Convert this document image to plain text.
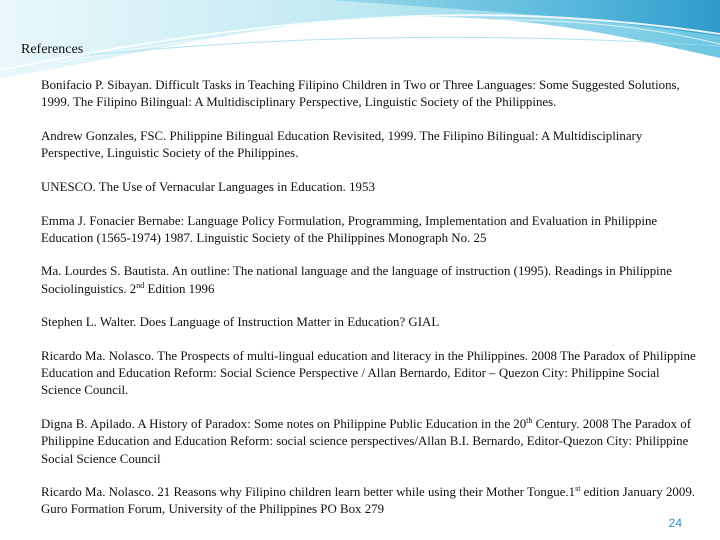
References

Bonifacio P. Sibayan. Difficult Tasks in Teaching Filipino Children in Two or Three Languages: Some Suggested Solutions, 1999. The Filipino Bilingual: A Multidisciplinary Perspective, Linguistic Society of the Philippines.

Andrew Gonzales, FSC. Philippine Bilingual Education Revisited, 1999. The Filipino Bilingual: A Multidisciplinary Perspective, Linguistic Society of the Philippines.

UNESCO. The Use of Vernacular Languages in Education. 1953

Emma J. Fonacier Bernabe: Language Policy Formulation, Programming, Implementation and Evaluation in Philippine Education (1565-1974) 1987. Linguistic Society of the Philippines Monograph No. 25

Ma. Lourdes S. Bautista. An outline: The national language and the language of instruction (1995). Readings in Philippine Sociolinguistics. 2nd Edition 1996

Stephen L. Walter. Does Language of Instruction Matter in Education? GIAL

Ricardo Ma. Nolasco. The Prospects of multi-lingual education and literacy in the Philippines. 2008 The Paradox of Philippine Education and Education Reform: Social Science Perspective / Allan Bernardo, Editor – Quezon City: Philippine Social Science Council.

Digna B. Apilado. A History of Paradox: Some notes on Philippine Public Education in the 20th Century. 2008 The Paradox of Philippine Education and Education Reform: social science perspectives/Allan B.I. Bernardo, Editor-Quezon City: Philippine Social Science Council

Ricardo Ma. Nolasco. 21 Reasons why Filipino children learn better while using their Mother Tongue.1st edition January 2009. Guro Formation Forum, University of the Philippines PO Box 279

24
